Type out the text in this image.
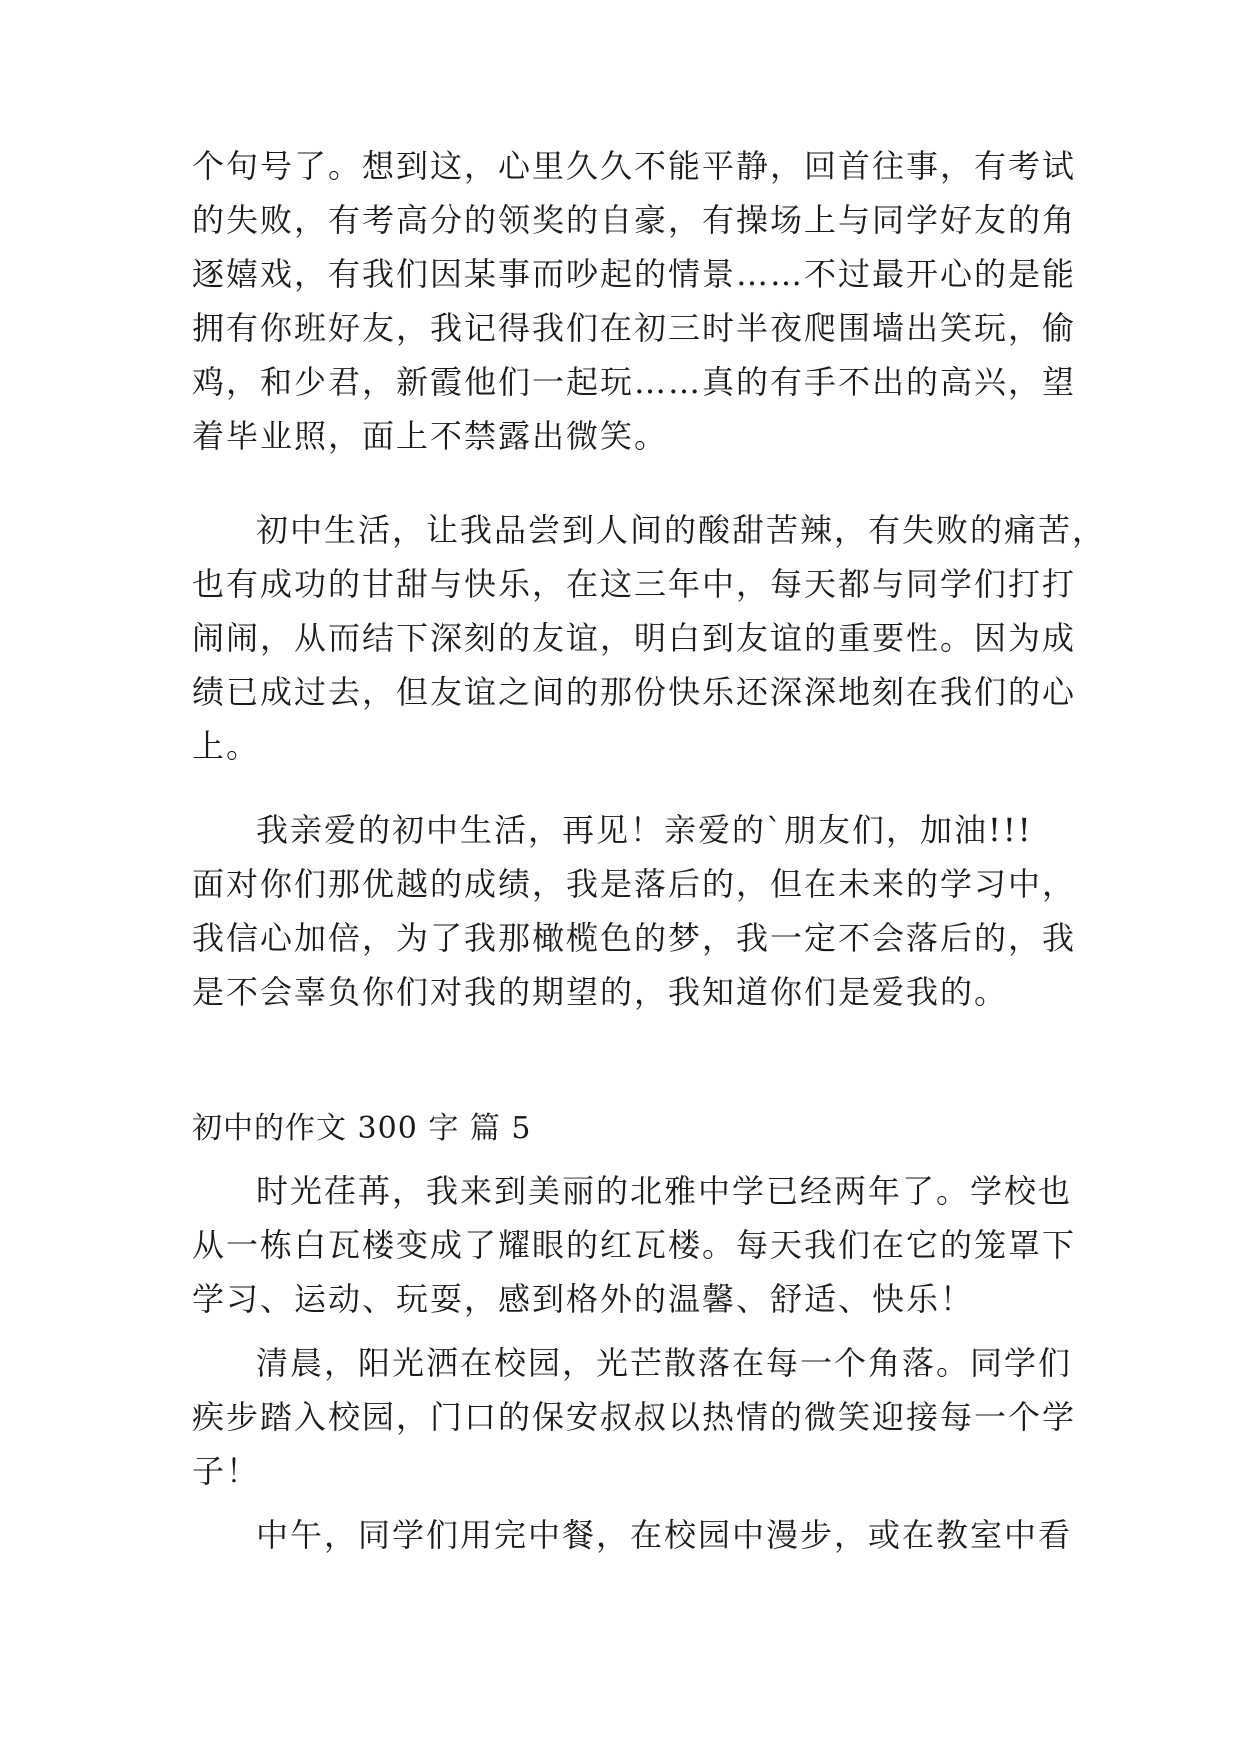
个句号了。想到这，心里久久不能平静，回首往事，有考试
的失败，有考高分的领奖的自豪，有操场上与同学好友的角
逐嬉戏，有我们因某事而吵起的情景……不过最开心的是能
拥有你班好友，我记得我们在初三时半夜爬围墙出笑玩，偷
鸡，和少君，新霞他们一起玩……真的有手不出的高兴，望
着毕业照，面上不禁露出微笑。
初中生活，让我品尝到人间的酸甜苦辣，有失败的痛苦，
也有成功的甘甜与快乐，在这三年中，每天都与同学们打打
闹闹，从而结下深刻的友谊，明白到友谊的重要性。因为成
绩已成过去，但友谊之间的那份快乐还深深地刻在我们的心
上。
我亲爱的初中生活，再见！亲爱的`朋友们，加油!!!
面对你们那优越的成绩，我是落后的，但在未来的学习中，
我信心加倍，为了我那橄榄色的梦，我一定不会落后的，我
是不会辜负你们对我的期望的，我知道你们是爱我的。
初中的作文 300 字 篇 5
时光荏苒，我来到美丽的北雅中学已经两年了。学校也
从一栋白瓦楼变成了耀眼的红瓦楼。每天我们在它的笼罩下
学习、运动、玩耍，感到格外的温馨、舒适、快乐！
清晨，阳光洒在校园，光芒散落在每一个角落。同学们
疾步踏入校园，门口的保安叔叔以热情的微笑迎接每一个学
子！
中午，同学们用完中餐，在校园中漫步，或在教室中看
